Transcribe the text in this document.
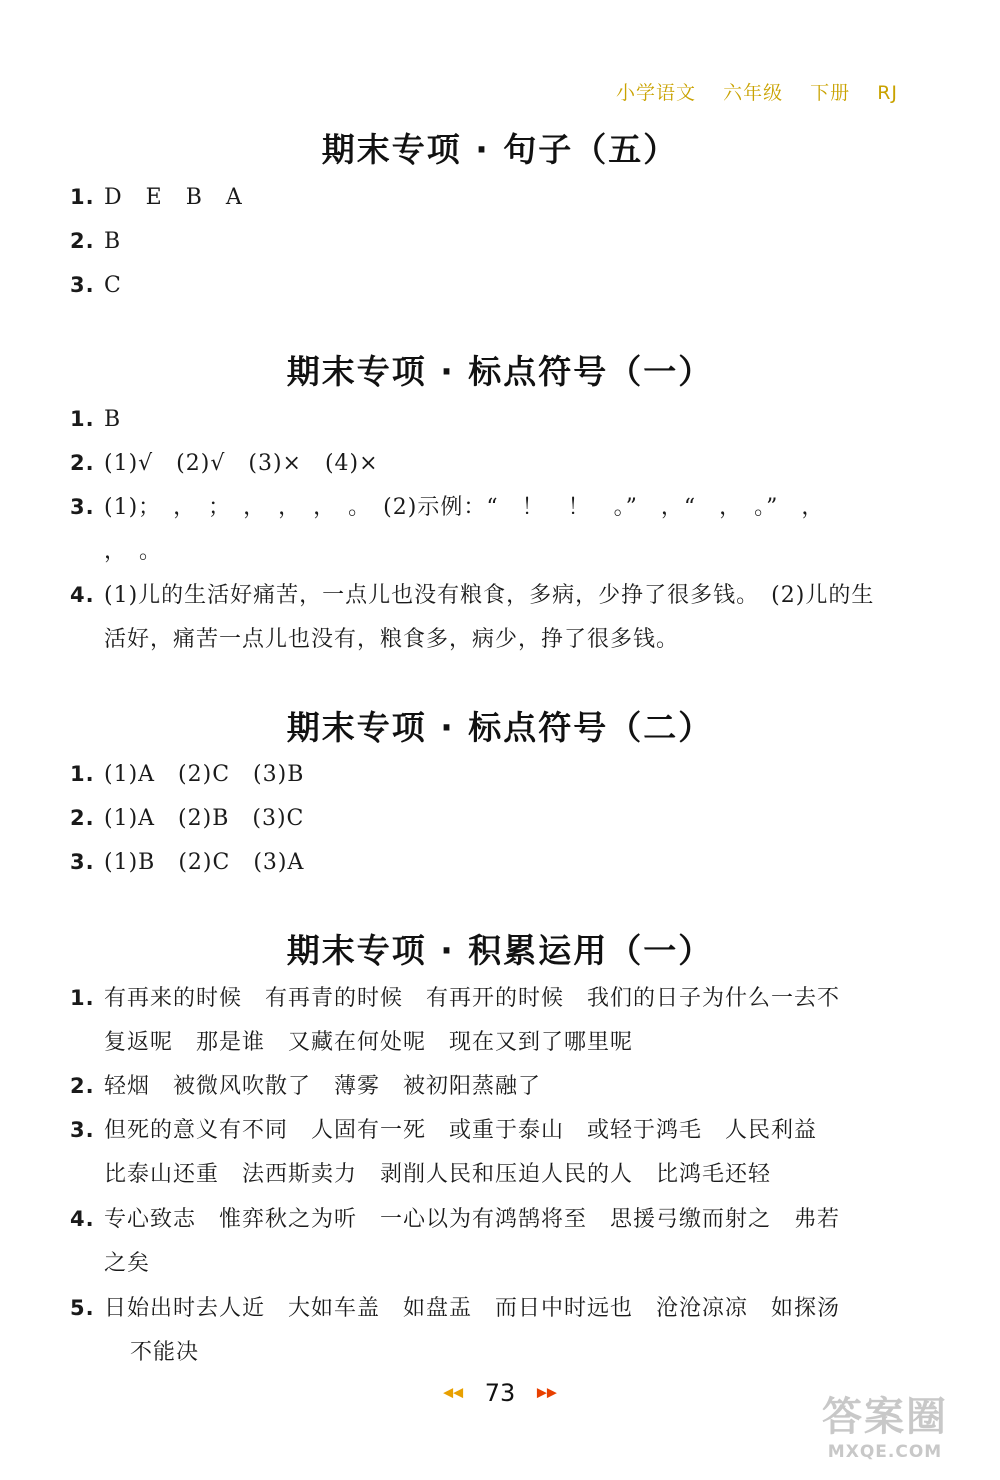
小学语文 六年级 下册 RJ
期末专项 · 句子（五）
1. D　E　B　A
2. B
3. C
期末专项 · 标点符号（一）
1. B
2. (1)√　(2)√　(3)×　(4)×
3. (1)；　，　；　，　，　，　。　(2)示例：“　！　！　。”　，“　，　。”　，
，　。
4. (1)儿的生活好痛苦，一点儿也没有粮食，多病，少挣了很多钱。　(2)儿的生
活好，痛苦一点儿也没有，粮食多，病少，挣了很多钱。
期末专项 · 标点符号（二）
1. (1)A　(2)C　(3)B
2. (1)A　(2)B　(3)C
3. (1)B　(2)C　(3)A
期末专项 · 积累运用（一）
1. 有再来的时候　有再青的时候　有再开的时候　我们的日子为什么一去不
复返呢　那是谁　又藏在何处呢　现在又到了哪里呢
2. 轻烟　被微风吹散了　薄雾　被初阳蒸融了
3. 但死的意义有不同　人固有一死　或重于泰山　或轻于鸿毛　人民利益
比泰山还重　法西斯卖力　剥削人民和压迫人民的人　比鸿毛还轻
4. 专心致志　惟弈秋之为听　一心以为有鸿鹄将至　思援弓缴而射之　弗若
之矣
5. 日始出时去人近　大如车盖　如盘盂　而日中时远也　沧沧凉凉　如探汤
不能决
◀◀ 73 ▶▶
答案圈
MXQE.COM
